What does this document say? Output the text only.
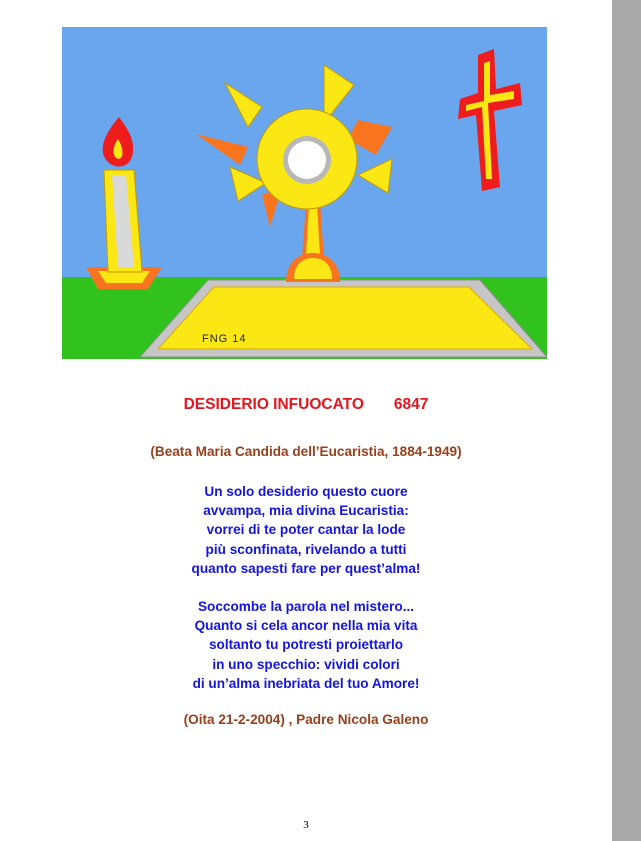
FNG 14
DESIDERIO INFUOCATO 6847
(Beata Maria Candida dell’Eucaristia, 1884-1949)
Un solo desiderio questo cuore
avvampa, mia divina Eucaristia:
vorrei di te poter cantar la lode
più sconfinata, rivelando a tutti
quanto sapesti fare per quest’alma!
Soccombe la parola nel mistero...
Quanto si cela ancor nella mia vita
soltanto tu potresti proiettarlo
in uno specchio: vividi colori
di un’alma inebriata del tuo Amore!
(Oita 21-2-2004) , Padre Nicola Galeno
3
